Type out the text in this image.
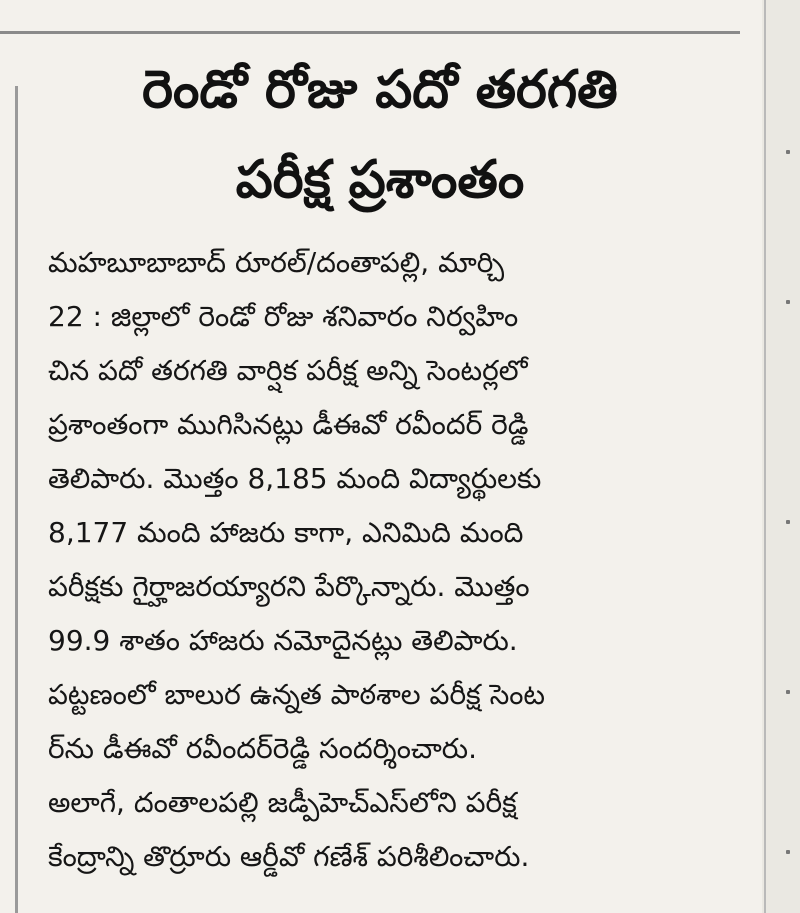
రెండో రోజు పదో తరగతి
పరీక్ష ప్రశాంతం

మహబూబాబాద్ రూరల్/దంతాపల్లి, మార్చి

22 : జిల్లాలో రెండో రోజు శనివారం నిర్వహిం

చిన పదో తరగతి వార్షిక పరీక్ష అన్ని సెంటర్లలో

ప్రశాంతంగా ముగిసినట్లు డీఈవో రవీందర్ రెడ్డి

తెలిపారు. మొత్తం 8,185 మంది విద్యార్థులకు

8,177 మంది హాజరు కాగా, ఎనిమిది మంది

పరీక్షకు గైర్హాజరయ్యారని పేర్కొన్నారు. మొత్తం

99.9 శాతం హాజరు నమోదైనట్లు తెలిపారు.

పట్టణంలో బాలుర ఉన్నత పాఠశాల పరీక్ష సెంట

ర్‌ను డీఈవో రవీందర్‌రెడ్డి సందర్శించారు.

అలాగే, దంతాలపల్లి జడ్పీహెచ్‌ఎస్‌లోని పరీక్ష

కేంద్రాన్ని తొర్రూరు ఆర్డీవో గణేశ్ పరిశీలించారు.
